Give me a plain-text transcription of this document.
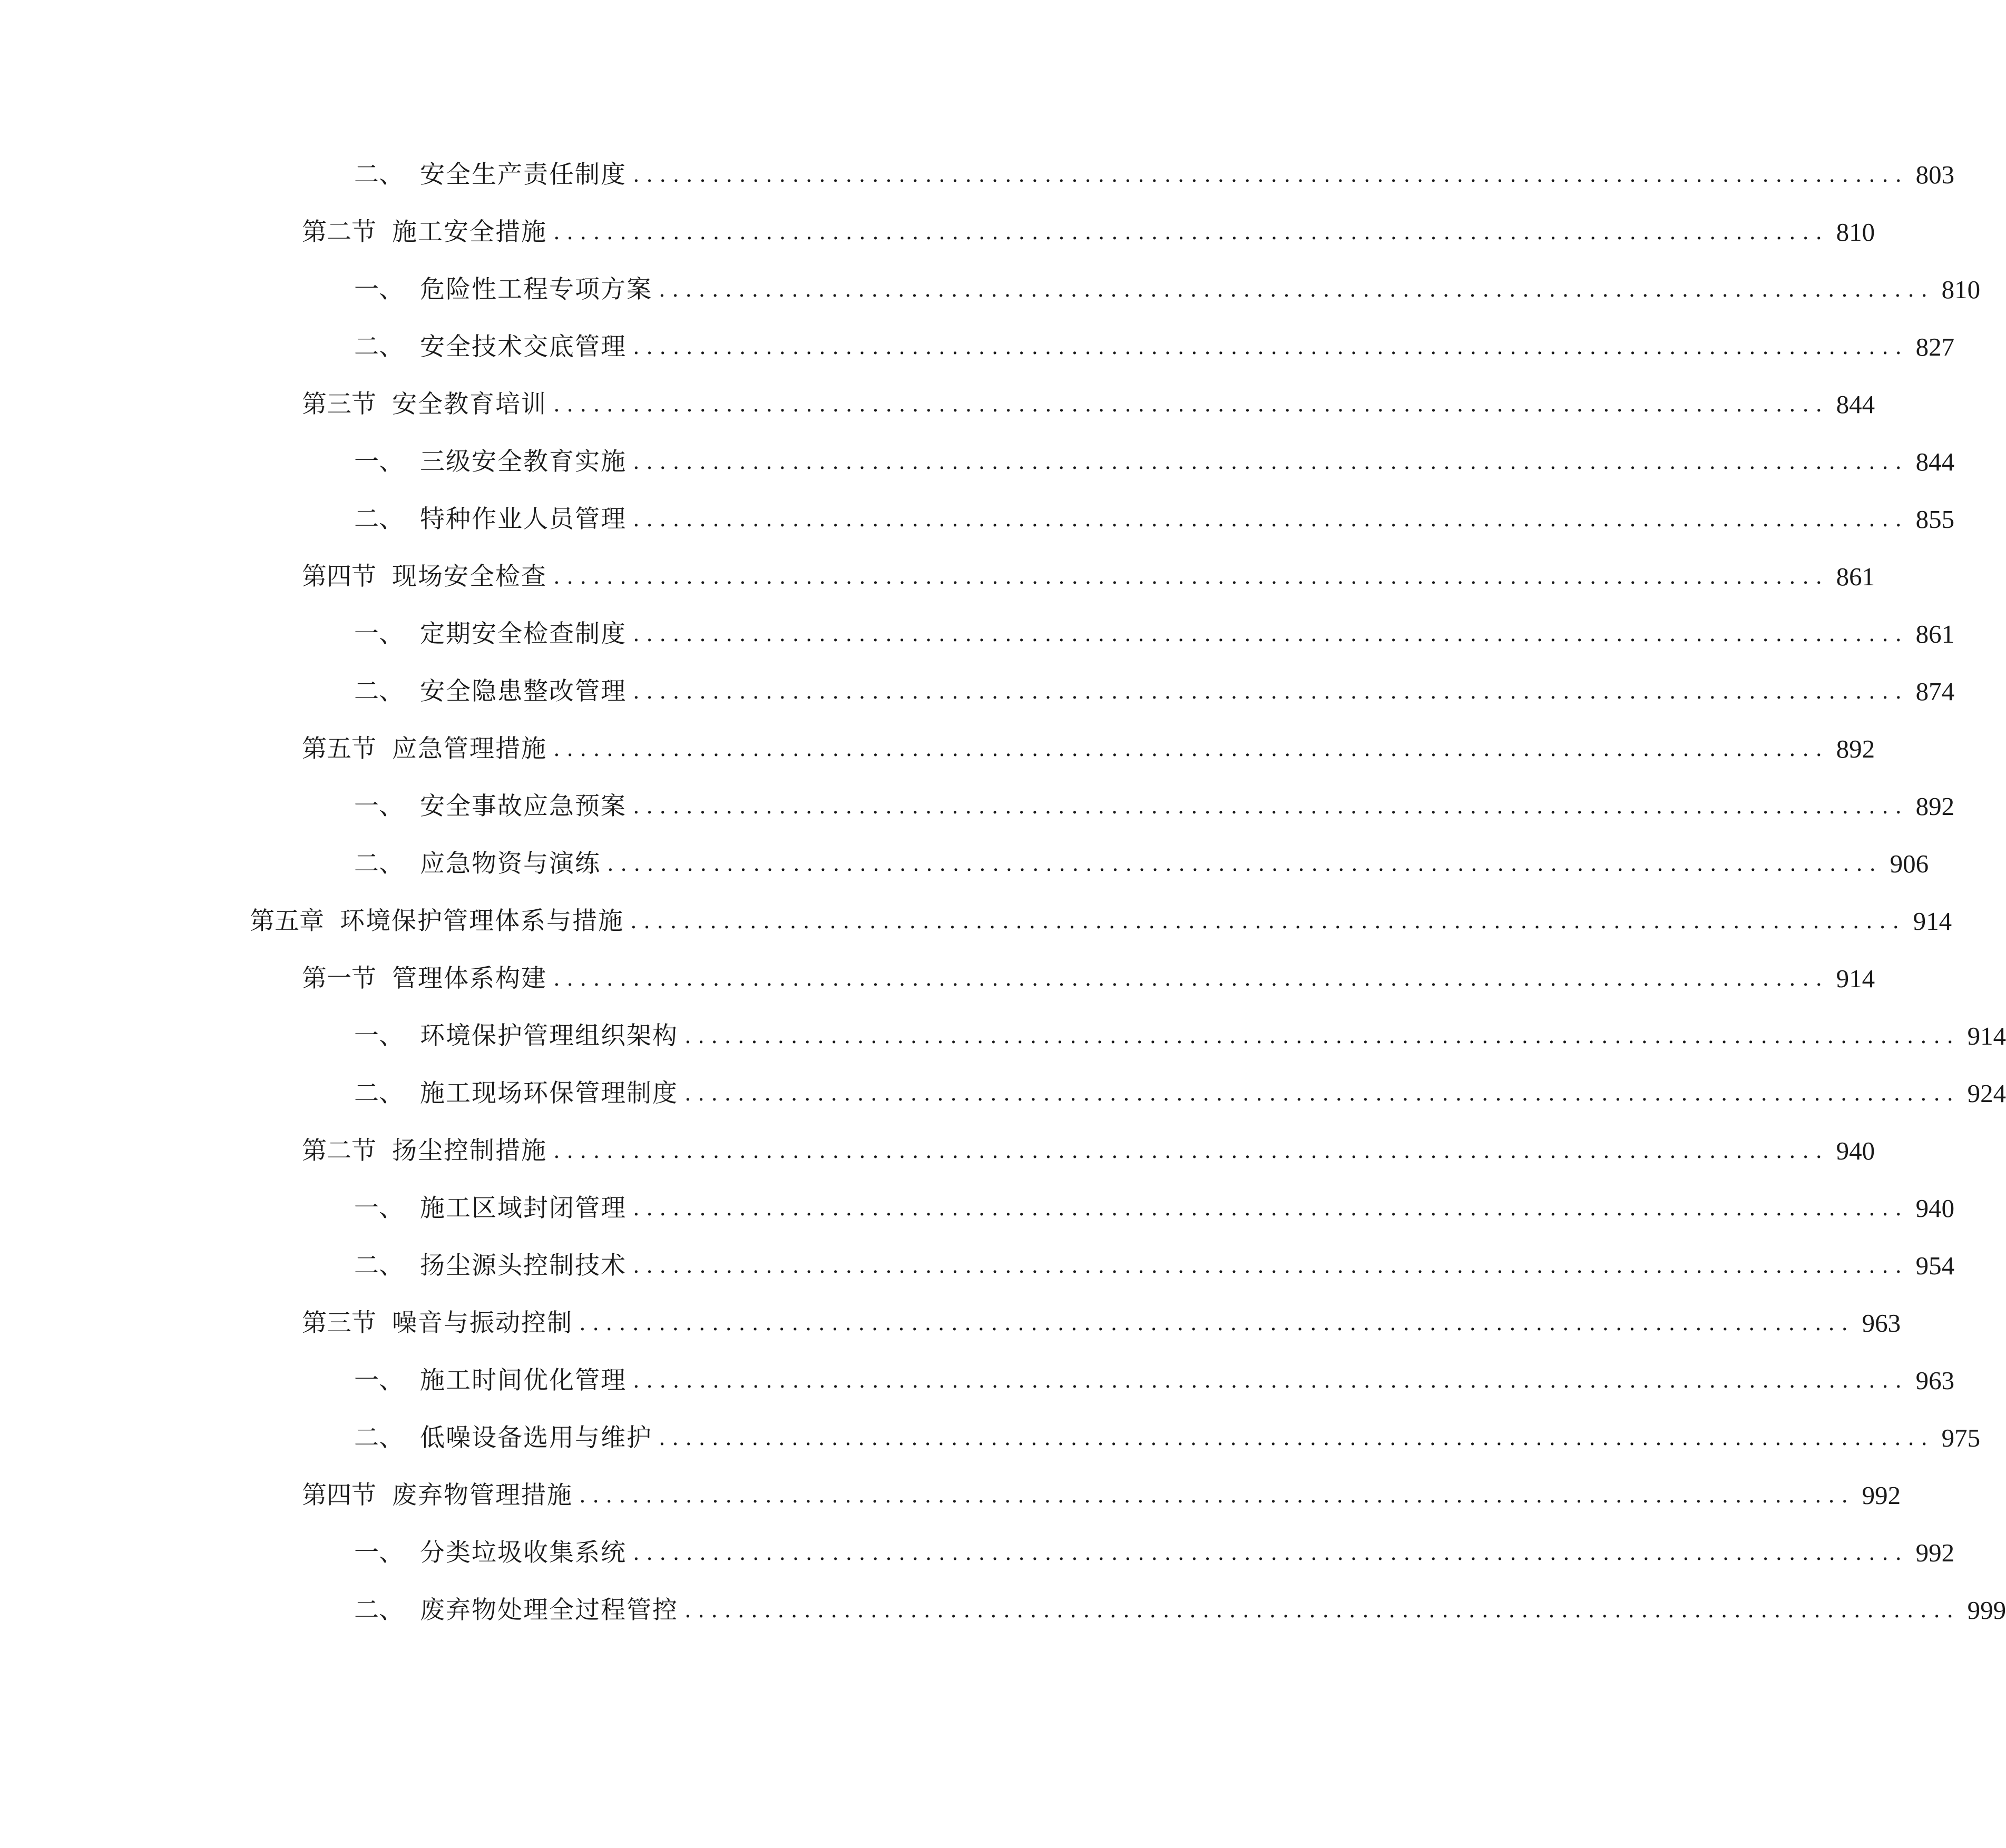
二、 安全生产责任制度 ................................................................................................ 803
第二节 施工安全措施 ................................................................................................ 810
一、 危险性工程专项方案 ................................................................................................ 810
二、 安全技术交底管理 ................................................................................................ 827
第三节 安全教育培训 ................................................................................................ 844
一、 三级安全教育实施 ................................................................................................ 844
二、 特种作业人员管理 ................................................................................................ 855
第四节 现场安全检查 ................................................................................................ 861
一、 定期安全检查制度 ................................................................................................ 861
二、 安全隐患整改管理 ................................................................................................ 874
第五节 应急管理措施 ................................................................................................ 892
一、 安全事故应急预案 ................................................................................................ 892
二、 应急物资与演练 ................................................................................................ 906
第五章 环境保护管理体系与措施 ................................................................................................ 914
第一节 管理体系构建 ................................................................................................ 914
一、 环境保护管理组织架构 ................................................................................................ 914
二、 施工现场环保管理制度 ................................................................................................ 924
第二节 扬尘控制措施 ................................................................................................ 940
一、 施工区域封闭管理 ................................................................................................ 940
二、 扬尘源头控制技术 ................................................................................................ 954
第三节 噪音与振动控制 ................................................................................................ 963
一、 施工时间优化管理 ................................................................................................ 963
二、 低噪设备选用与维护 ................................................................................................ 975
第四节 废弃物管理措施 ................................................................................................ 992
一、 分类垃圾收集系统 ................................................................................................ 992
二、 废弃物处理全过程管控 ................................................................................................ 999
